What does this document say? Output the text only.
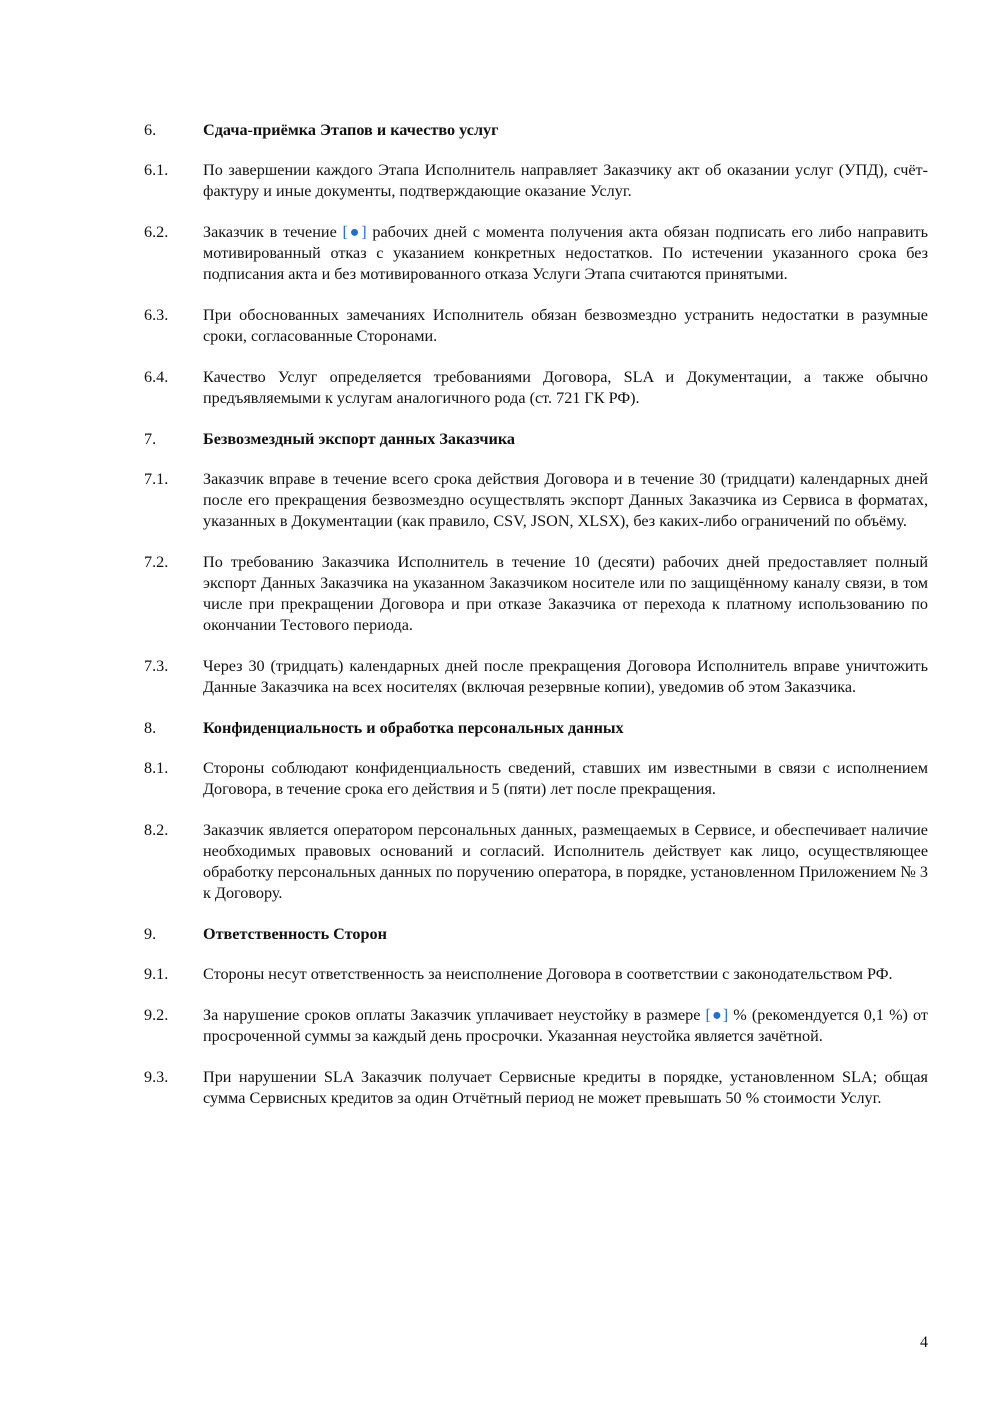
6.	Сдача-приёмка Этапов и качество услуг
6.1.	По завершении каждого Этапа Исполнитель направляет Заказчику акт об оказании услуг (УПД), счёт-фактуру и иные документы, подтверждающие оказание Услуг.
6.2.	Заказчик в течение [●] рабочих дней с момента получения акта обязан подписать его либо направить мотивированный отказ с указанием конкретных недостатков. По истечении указанного срока без подписания акта и без мотивированного отказа Услуги Этапа считаются принятыми.
6.3.	При обоснованных замечаниях Исполнитель обязан безвозмездно устранить недостатки в разумные сроки, согласованные Сторонами.
6.4.	Качество Услуг определяется требованиями Договора, SLA и Документации, а также обычно предъявляемыми к услугам аналогичного рода (ст. 721 ГК РФ).
7.	Безвозмездный экспорт данных Заказчика
7.1.	Заказчик вправе в течение всего срока действия Договора и в течение 30 (тридцати) календарных дней после его прекращения безвозмездно осуществлять экспорт Данных Заказчика из Сервиса в форматах, указанных в Документации (как правило, CSV, JSON, XLSX), без каких-либо ограничений по объёму.
7.2.	По требованию Заказчика Исполнитель в течение 10 (десяти) рабочих дней предоставляет полный экспорт Данных Заказчика на указанном Заказчиком носителе или по защищённому каналу связи, в том числе при прекращении Договора и при отказе Заказчика от перехода к платному использованию по окончании Тестового периода.
7.3.	Через 30 (тридцать) календарных дней после прекращения Договора Исполнитель вправе уничтожить Данные Заказчика на всех носителях (включая резервные копии), уведомив об этом Заказчика.
8.	Конфиденциальность и обработка персональных данных
8.1.	Стороны соблюдают конфиденциальность сведений, ставших им известными в связи с исполнением Договора, в течение срока его действия и 5 (пяти) лет после прекращения.
8.2.	Заказчик является оператором персональных данных, размещаемых в Сервисе, и обеспечивает наличие необходимых правовых оснований и согласий. Исполнитель действует как лицо, осуществляющее обработку персональных данных по поручению оператора, в порядке, установленном Приложением № 3 к Договору.
9.	Ответственность Сторон
9.1.	Стороны несут ответственность за неисполнение Договора в соответствии с законодательством РФ.
9.2.	За нарушение сроков оплаты Заказчик уплачивает неустойку в размере [●] % (рекомендуется 0,1 %) от просроченной суммы за каждый день просрочки. Указанная неустойка является зачётной.
9.3.	При нарушении SLA Заказчик получает Сервисные кредиты в порядке, установленном SLA; общая сумма Сервисных кредитов за один Отчётный период не может превышать 50 % стоимости Услуг.
4
